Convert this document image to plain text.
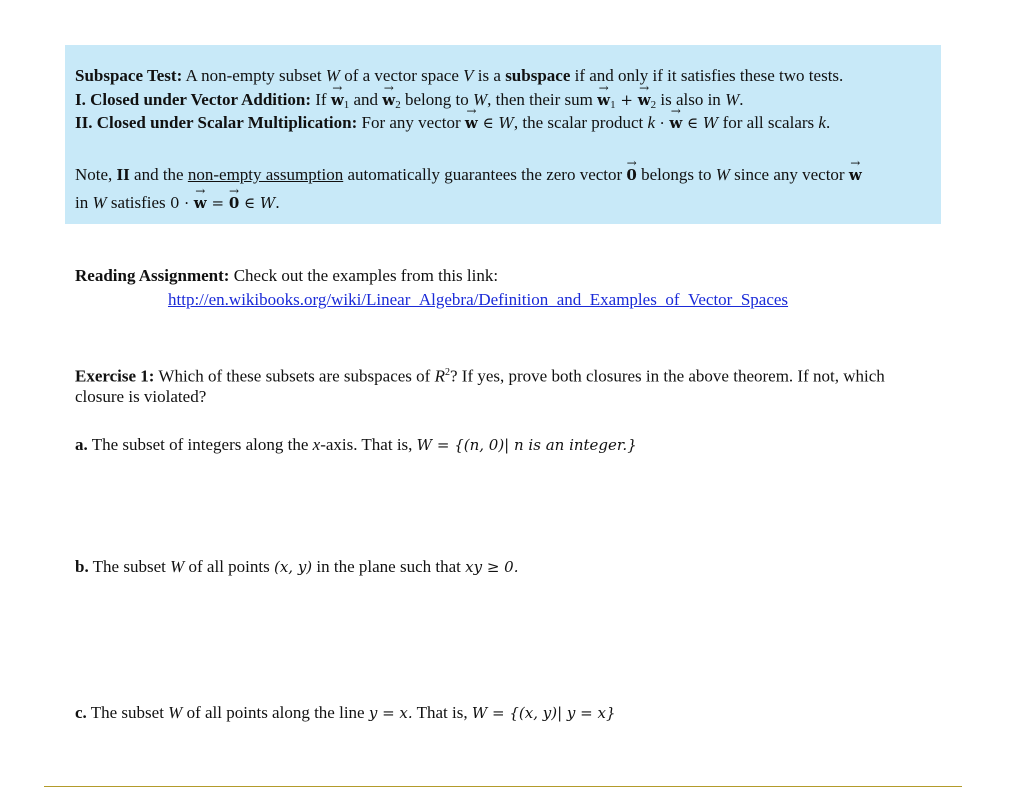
Subspace Test: A non-empty subset W of a vector space V is a subspace if and only if it satisfies these two tests.
I. Closed under Vector Addition: $If \to w_1$ and → $w_2$ belong to W, then their sum → $w_1$ + → $w_2$ is also in W.
II. Closed under Scalar Multiplication: For any vector → w ∈ W, the scalar product k · → w ∈ W for all scalars k.
Note, II and the non-empty assumption automatically guarantees the zero vector → 0 belongs to W since any vector → w
in W satisfies 0 · → w = → 0 ∈ W.
Reading Assignment: Check out the examples from this link:
http://en.wikibooks.org/wiki/Linear_Algebra/Definition_and_Examples_of_Vector_Spaces
Exercise 1: Which of these subsets are subspaces of $R^2$? If yes, prove both closures in the above theorem. If not, which
closure is violated?
a. The subset of integers along the x-axis. That is, W = {(n, 0)| n is an integer.}
b. The subset W of all points (x, y) in the plane such that xy ≥ 0.
c. The subset W of all points along the line y = x. That is, W = {(x, y)| y = x}
